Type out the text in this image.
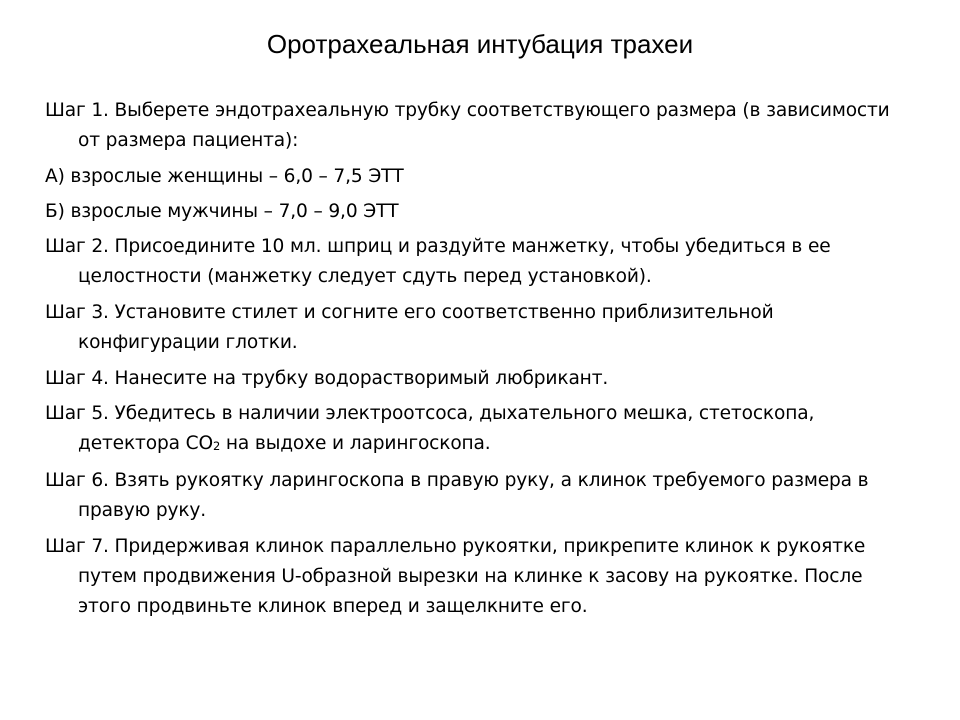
Оротрахеальная интубация трахеи

Шаг 1. Выберете эндотрахеальную трубку соответствующего размера (в зависимости от размера пациента):

А) взрослые женщины – 6,0 – 7,5 ЭТТ

Б) взрослые мужчины – 7,0 – 9,0 ЭТТ

Шаг 2. Присоедините 10 мл. шприц и раздуйте манжетку, чтобы убедиться в ее целостности (манжетку следует сдуть перед установкой).

Шаг 3. Установите стилет и согните его соответственно приблизительной конфигурации глотки.

Шаг 4. Нанесите на трубку водорастворимый любрикант.

Шаг 5. Убедитесь в наличии электроотсоса, дыхательного мешка, стетоскопа, детектора $СО_2$ на выдохе и ларингоскопа.

Шаг 6. Взять рукоятку ларингоскопа в правую руку, а клинок требуемого размера в правую руку.

Шаг 7. Придерживая клинок параллельно рукоятки, прикрепите клинок к рукоятке путем продвижения U-образной вырезки на клинке к засову на рукоятке. После этого продвиньте клинок вперед и защелкните его.
